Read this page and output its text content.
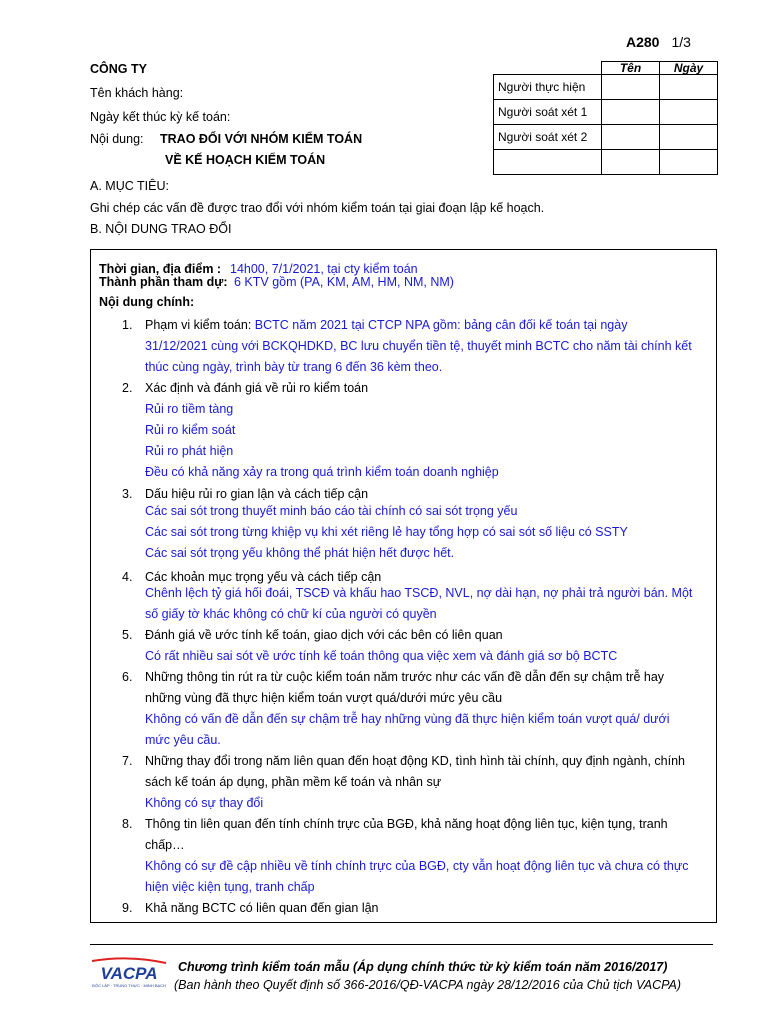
A280 1/3
CÔNG TY
Tên khách hàng:
Ngày kết thúc kỳ kế toán:
Nội dung: TRAO ĐỔI VỚI NHÓM KIỂM TOÁN
VỀ KẾ HOẠCH KIỂM TOÁN
	Tên	Ngày
Người thực hiện		
Người soát xét 1		
Người soát xét 2		

A. MỤC TIÊU:
Ghi chép các vấn đề được trao đổi với nhóm kiểm toán tại giai đoạn lập kế hoạch.
B. NỘI DUNG TRAO ĐỔI
Thời gian, địa điểm : 14h00, 7/1/2021, tại cty kiểm toán
Thành phần tham dự: 6 KTV gồm (PA, KM, AM, HM, NM, NM)
Nội dung chính:
1. Phạm vi kiểm toán: BCTC năm 2021 tại CTCP NPA gồm: bảng cân đối kế toán tại ngày
31/12/2021 cùng với BCKQHDKD, BC lưu chuyển tiền tệ, thuyết minh BCTC cho năm tài chính kết
thúc cùng ngày, trình bày từ trang 6 đến 36 kèm theo.
2. Xác định và đánh giá về rủi ro kiểm toán
Rủi ro tiềm tàng
Rủi ro kiểm soát
Rủi ro phát hiện
Đều có khả năng xảy ra trong quá trình kiểm toán doanh nghiệp
3. Dấu hiệu rủi ro gian lận và cách tiếp cận
Các sai sót trong thuyết minh báo cáo tài chính có sai sót trọng yếu
Các sai sót trong từng khiệp vụ khi xét riêng lẻ hay tổng hợp có sai sót số liệu có SSTY
Các sai sót trọng yếu không thể phát hiện hết được hết.
4. Các khoản mục trọng yếu và cách tiếp cận
Chênh lệch tỷ giá hối đoái, TSCĐ và khấu hao TSCĐ, NVL, nợ dài hạn, nợ phải trả người bán. Một
số giấy tờ khác không có chữ kí của người có quyền
5. Đánh giá về ước tính kế toán, giao dịch với các bên có liên quan
Có rất nhiều sai sót về ước tính kế toán thông qua việc xem và đánh giá sơ bộ BCTC
6. Những thông tin rút ra từ cuộc kiểm toán năm trước như các vấn đề dẫn đến sự chậm trễ hay
những vùng đã thực hiện kiểm toán vượt quá/dưới mức yêu cầu
Không có vấn đề dẫn đến sự chậm trễ hay những vùng đã thực hiện kiểm toán vượt quá/ dưới
mức yêu cầu.
7. Những thay đổi trong năm liên quan đến hoạt động KD, tình hình tài chính, quy định ngành, chính
sách kế toán áp dụng, phần mềm kế toán và nhân sự
Không có sự thay đổi
8. Thông tin liên quan đến tính chính trực của BGĐ, khả năng hoạt động liên tục, kiện tụng, tranh
chấp…
Không có sự đề cập nhiều về tính chính trực của BGĐ, cty vẫn hoạt động liên tục và chưa có thực
hiện việc kiện tụng, tranh chấp
9. Khả năng BCTC có liên quan đến gian lận
VACPA
ĐỘC LẬP · TRUNG THỰC · MINH BẠCH
Chương trình kiểm toán mẫu (Áp dụng chính thức từ kỳ kiểm toán năm 2016/2017)
(Ban hành theo Quyết định số 366-2016/QĐ-VACPA ngày 28/12/2016 của Chủ tịch VACPA)
